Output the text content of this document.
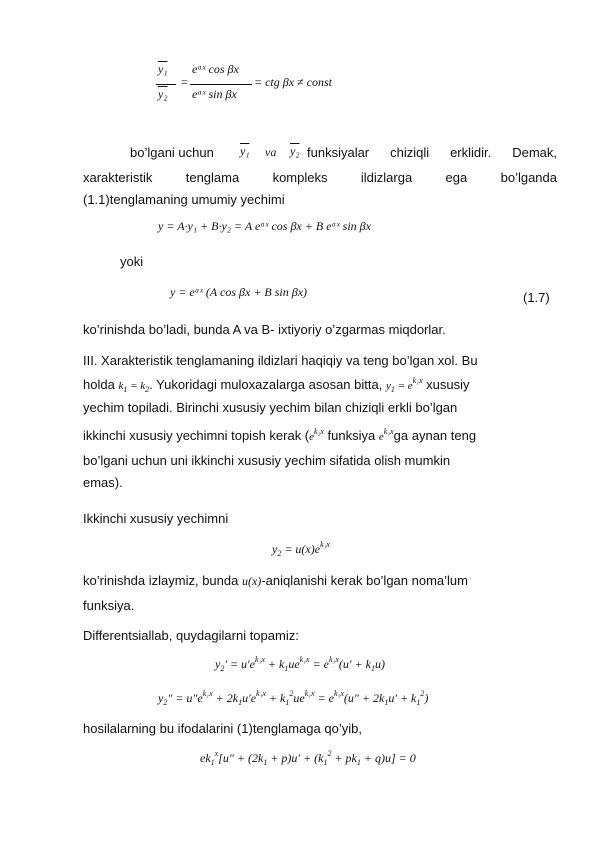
y₁
y₂
=
eᵅˣ cos βx
eᵅˣ sin βx
= ctg βx ≠ const
bo’lgani uchun y₁ va y₂ funksiyalar chiziqli erklidir. Demak,
xarakteristik tenglama kompleks ildizlarga ega bo’lganda
(1.1)tenglamaning umumiy yechimi
y = A·y₁ + B·y₂ = A eᵅˣ cos βx + B eᵅˣ sin βx
yoki
y = eᵅˣ (A cos βx + B sin βx)	(1.7)
ko’rinishda bo’ladi, bunda A va B- ixtiyoriy o’zgarmas miqdorlar.
III. Xarakteristik tenglamaning ildizlari haqiqiy va teng bo’lgan xol. Bu
holda $k_1 = k_2$. Yukoridagi muloxazalarga asosan bitta, $y_1 = e^{k_1x}$ xususiy
yechim topiladi. Birinchi xususiy yechim bilan chiziqli erkli bo’lgan
ikkinchi xususiy yechimni topish kerak ($e^{k_2x}$ funksiya $e^{k_1x}ga$ aynan teng
bo’lgani uchun uni ikkinchi xususiy yechim sifatida olish mumkin
emas).
Ikkinchi xususiy yechimni
$y_2 = u(x)e^{k_1x}$
ko’rinishda izlaymiz, bunda u(x)-aniqlanishi kerak bo’lgan noma’lum
funksiya.
Differentsiallab, quydagilarni topamiz:
$y_2' = u'e^{k_1x} + k_1ue^{k_1x} = e^{k_1x}(u' + k_1u)$
$y_2'' = u''e^{k_1x} + 2k_1u'e^{k_1x} + k_1^2ue^{k_1x} = e^{k_1x}(u'' + 2k_1u' + k_1^2)$
hosilalarning bu ifodalarini (1)tenglamaga qo’yib,
$ek_1^x[u'' + (2k_1 + p)u' + (k_1^2 + pk_1 + q)u] = 0$
